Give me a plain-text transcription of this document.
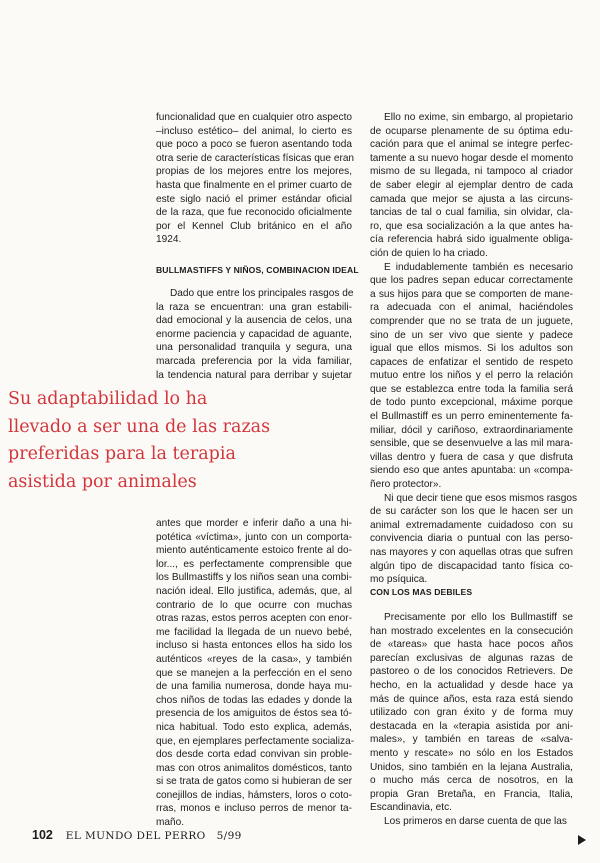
funcionalidad que en cualquier otro aspecto
–incluso estético– del animal, lo cierto es
que poco a poco se fueron asentando toda
otra serie de características físicas que eran
propias de los mejores entre los mejores,
hasta que finalmente en el primer cuarto de
este siglo nació el primer estándar oficial
de la raza, que fue reconocido oficialmente
por el Kennel Club británico en el año
1924.
BULLMASTIFFS Y NIÑOS, COMBINACION IDEAL
Dado que entre los principales rasgos de
la raza se encuentran: una gran estabili-
dad emocional y la ausencia de celos, una
enorme paciencia y capacidad de aguante,
una personalidad tranquila y segura, una
marcada preferencia por la vida familiar,
la tendencia natural para derribar y sujetar
Su adaptabilidad lo ha
llevado a ser una de las razas
preferidas para la terapia
asistida por animales
antes que morder e inferir daño a una hi-
potética «víctima», junto con un comporta-
miento auténticamente estoico frente al do-
lor..., es perfectamente comprensible que
los Bullmastiffs y los niños sean una combi-
nación ideal. Ello justifica, además, que, al
contrario de lo que ocurre con muchas
otras razas, estos perros acepten con enor-
me facilidad la llegada de un nuevo bebé,
incluso si hasta entonces ellos ha sido los
auténticos «reyes de la casa», y también
que se manejen a la perfección en el seno
de una familia numerosa, donde haya mu-
chos niños de todas las edades y donde la
presencia de los amiguitos de éstos sea tó-
nica habitual. Todo esto explica, además,
que, en ejemplares perfectamente socializa-
dos desde corta edad convivan sin proble-
mas con otros animalitos domésticos, tanto
si se trata de gatos como si hubieran de ser
conejillos de indias, hámsters, loros o coto-
rras, monos e incluso perros de menor ta-
maño.
Ello no exime, sin embargo, al propietario
de ocuparse plenamente de su óptima edu-
cación para que el animal se integre perfec-
tamente a su nuevo hogar desde el momento
mismo de su llegada, ni tampoco al criador
de saber elegir al ejemplar dentro de cada
camada que mejor se ajusta a las circuns-
tancias de tal o cual familia, sin olvidar, cla-
ro, que esa socialización a la que antes ha-
cía referencia habrá sido igualmente obliga-
ción de quien lo ha criado.
E indudablemente también es necesario
que los padres sepan educar correctamente
a sus hijos para que se comporten de mane-
ra adecuada con el animal, haciéndoles
comprender que no se trata de un juguete,
sino de un ser vivo que siente y padece
igual que ellos mismos. Si los adultos son
capaces de enfatizar el sentido de respeto
mutuo entre los niños y el perro la relación
que se establezca entre toda la familia será
de todo punto excepcional, máxime porque
el Bullmastiff es un perro eminentemente fa-
miliar, dócil y cariñoso, extraordinariamente
sensible, que se desenvuelve a las mil mara-
villas dentro y fuera de casa y que disfruta
siendo eso que antes apuntaba: un «compa-
ñero protector».
Ni que decir tiene que esos mismos rasgos
de su carácter son los que le hacen ser un
animal extremadamente cuidadoso con su
convivencia diaria o puntual con las perso-
nas mayores y con aquellas otras que sufren
algún tipo de discapacidad tanto física co-
mo psíquica.
CON LOS MAS DEBILES
Precisamente por ello los Bullmastiff se
han mostrado excelentes en la consecución
de «tareas» que hasta hace pocos años
parecían exclusivas de algunas razas de
pastoreo o de los conocidos Retrievers. De
hecho, en la actualidad y desde hace ya
más de quince años, esta raza está siendo
utilizado con gran éxito y de forma muy
destacada en la «terapia asistida por ani-
males», y también en tareas de «salva-
mento y rescate» no sólo en los Estados
Unidos, sino también en la lejana Australia,
o mucho más cerca de nosotros, en la
propia Gran Bretaña, en Francia, Italia,
Escandinavia, etc.
Los primeros en darse cuenta de que las
102 EL MUNDO DEL PERRO 5/99
